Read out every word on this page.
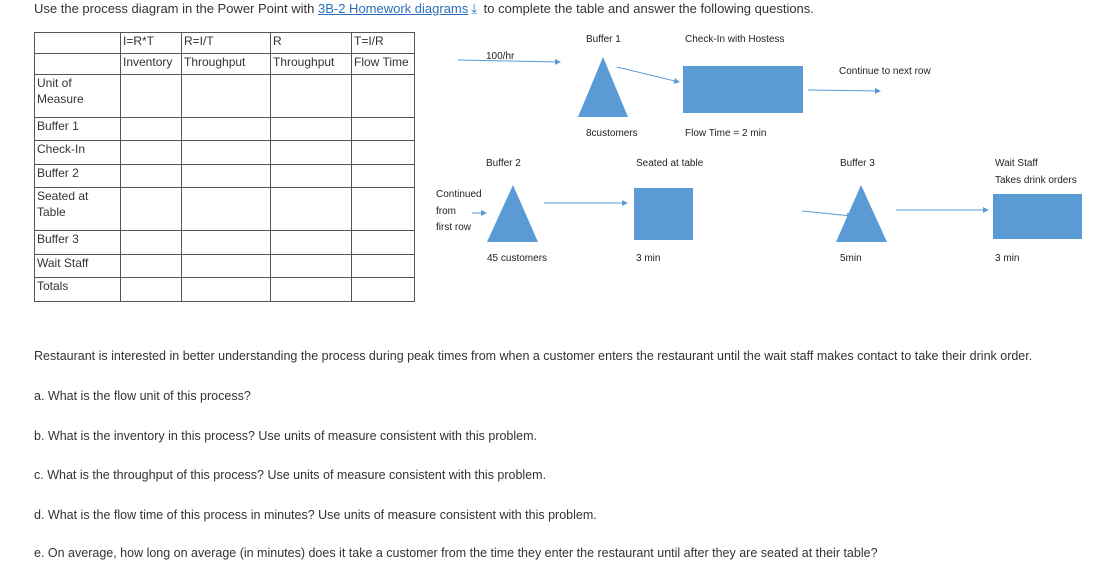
Use the process diagram in the Power Point with 3B-2 Homework diagrams ⤓ to complete the table and answer the following questions.
	I=R*T	R=I/T	R	T=I/R
	Inventory	Throughput	Throughput	Flow Time
Unit of Measure				
Buffer 1				
Check-In				
Buffer 2				
Seated at Table				
Buffer 3				
Wait Staff				
Totals				
100/hr
Buffer 1
8customers
Check-In with Hostess
Flow Time = 2 min
Continue to next row
Continued
from
first row
Buffer 2
45 customers
Seated at table
3 min
Buffer 3
5min
Wait Staff
Takes drink orders
3 min
Restaurant is interested in better understanding the process during peak times from when a customer enters the restaurant until the wait staff makes contact to take their drink order.
a. What is the flow unit of this process?
b. What is the inventory in this process? Use units of measure consistent with this problem.
c. What is the throughput of this process? Use units of measure consistent with this problem.
d. What is the flow time of this process in minutes? Use units of measure consistent with this problem.
e. On average, how long on average (in minutes) does it take a customer from the time they enter the restaurant until after they are seated at their table?
